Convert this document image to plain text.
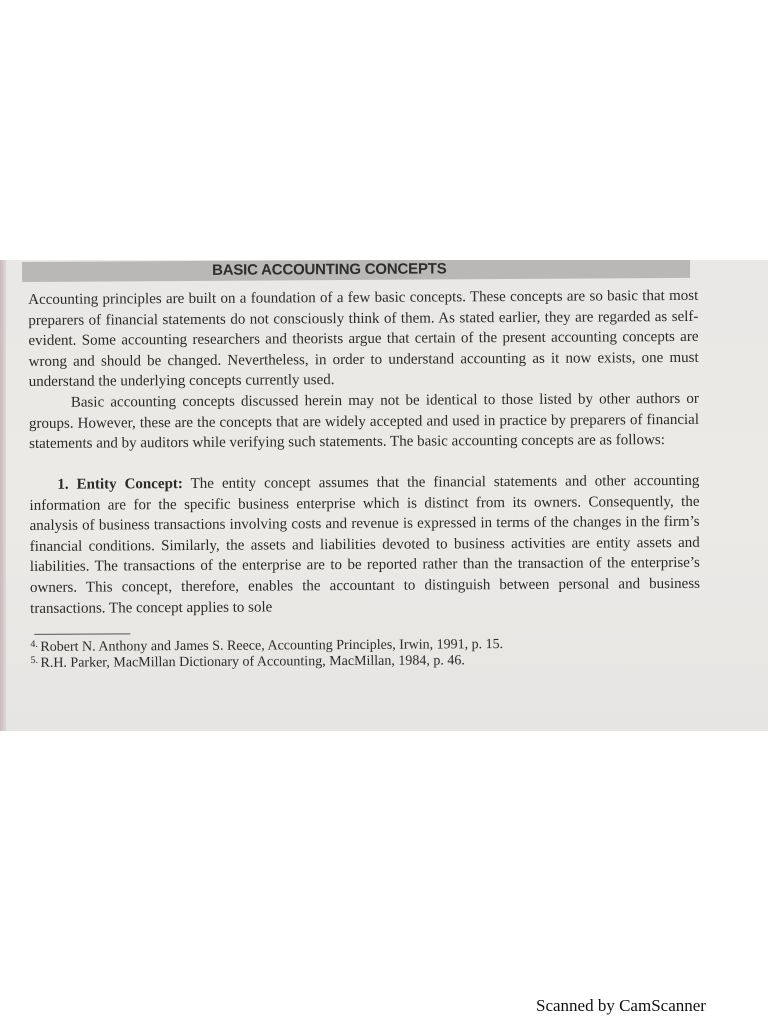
BASIC ACCOUNTING CONCEPTS

Accounting principles are built on a foundation of a few basic concepts. These concepts are so basic that most preparers of financial statements do not consciously think of them. As stated earlier, they are regarded as self-evident. Some accounting researchers and theorists argue that certain of the present accounting concepts are wrong and should be changed. Nevertheless, in order to understand accounting as it now exists, one must understand the underlying concepts currently used.

Basic accounting concepts discussed herein may not be identical to those listed by other authors or groups. However, these are the concepts that are widely accepted and used in practice by preparers of financial statements and by auditors while verifying such statements. The basic accounting concepts are as follows:

1. Entity Concept: The entity concept assumes that the financial statements and other accounting information are for the specific business enterprise which is distinct from its owners. Consequently, the analysis of business transactions involving costs and revenue is expressed in terms of the changes in the firm’s financial conditions. Similarly, the assets and liabilities devoted to business activities are entity assets and liabilities. The transactions of the enterprise are to be reported rather than the transaction of the enterprise’s owners. This concept, therefore, enables the accountant to distinguish between personal and business transactions. The concept applies to sole

4. Robert N. Anthony and James S. Reece, Accounting Principles, Irwin, 1991, p. 15.
5. R.H. Parker, MacMillan Dictionary of Accounting, MacMillan, 1984, p. 46.
Scanned by CamScanner
